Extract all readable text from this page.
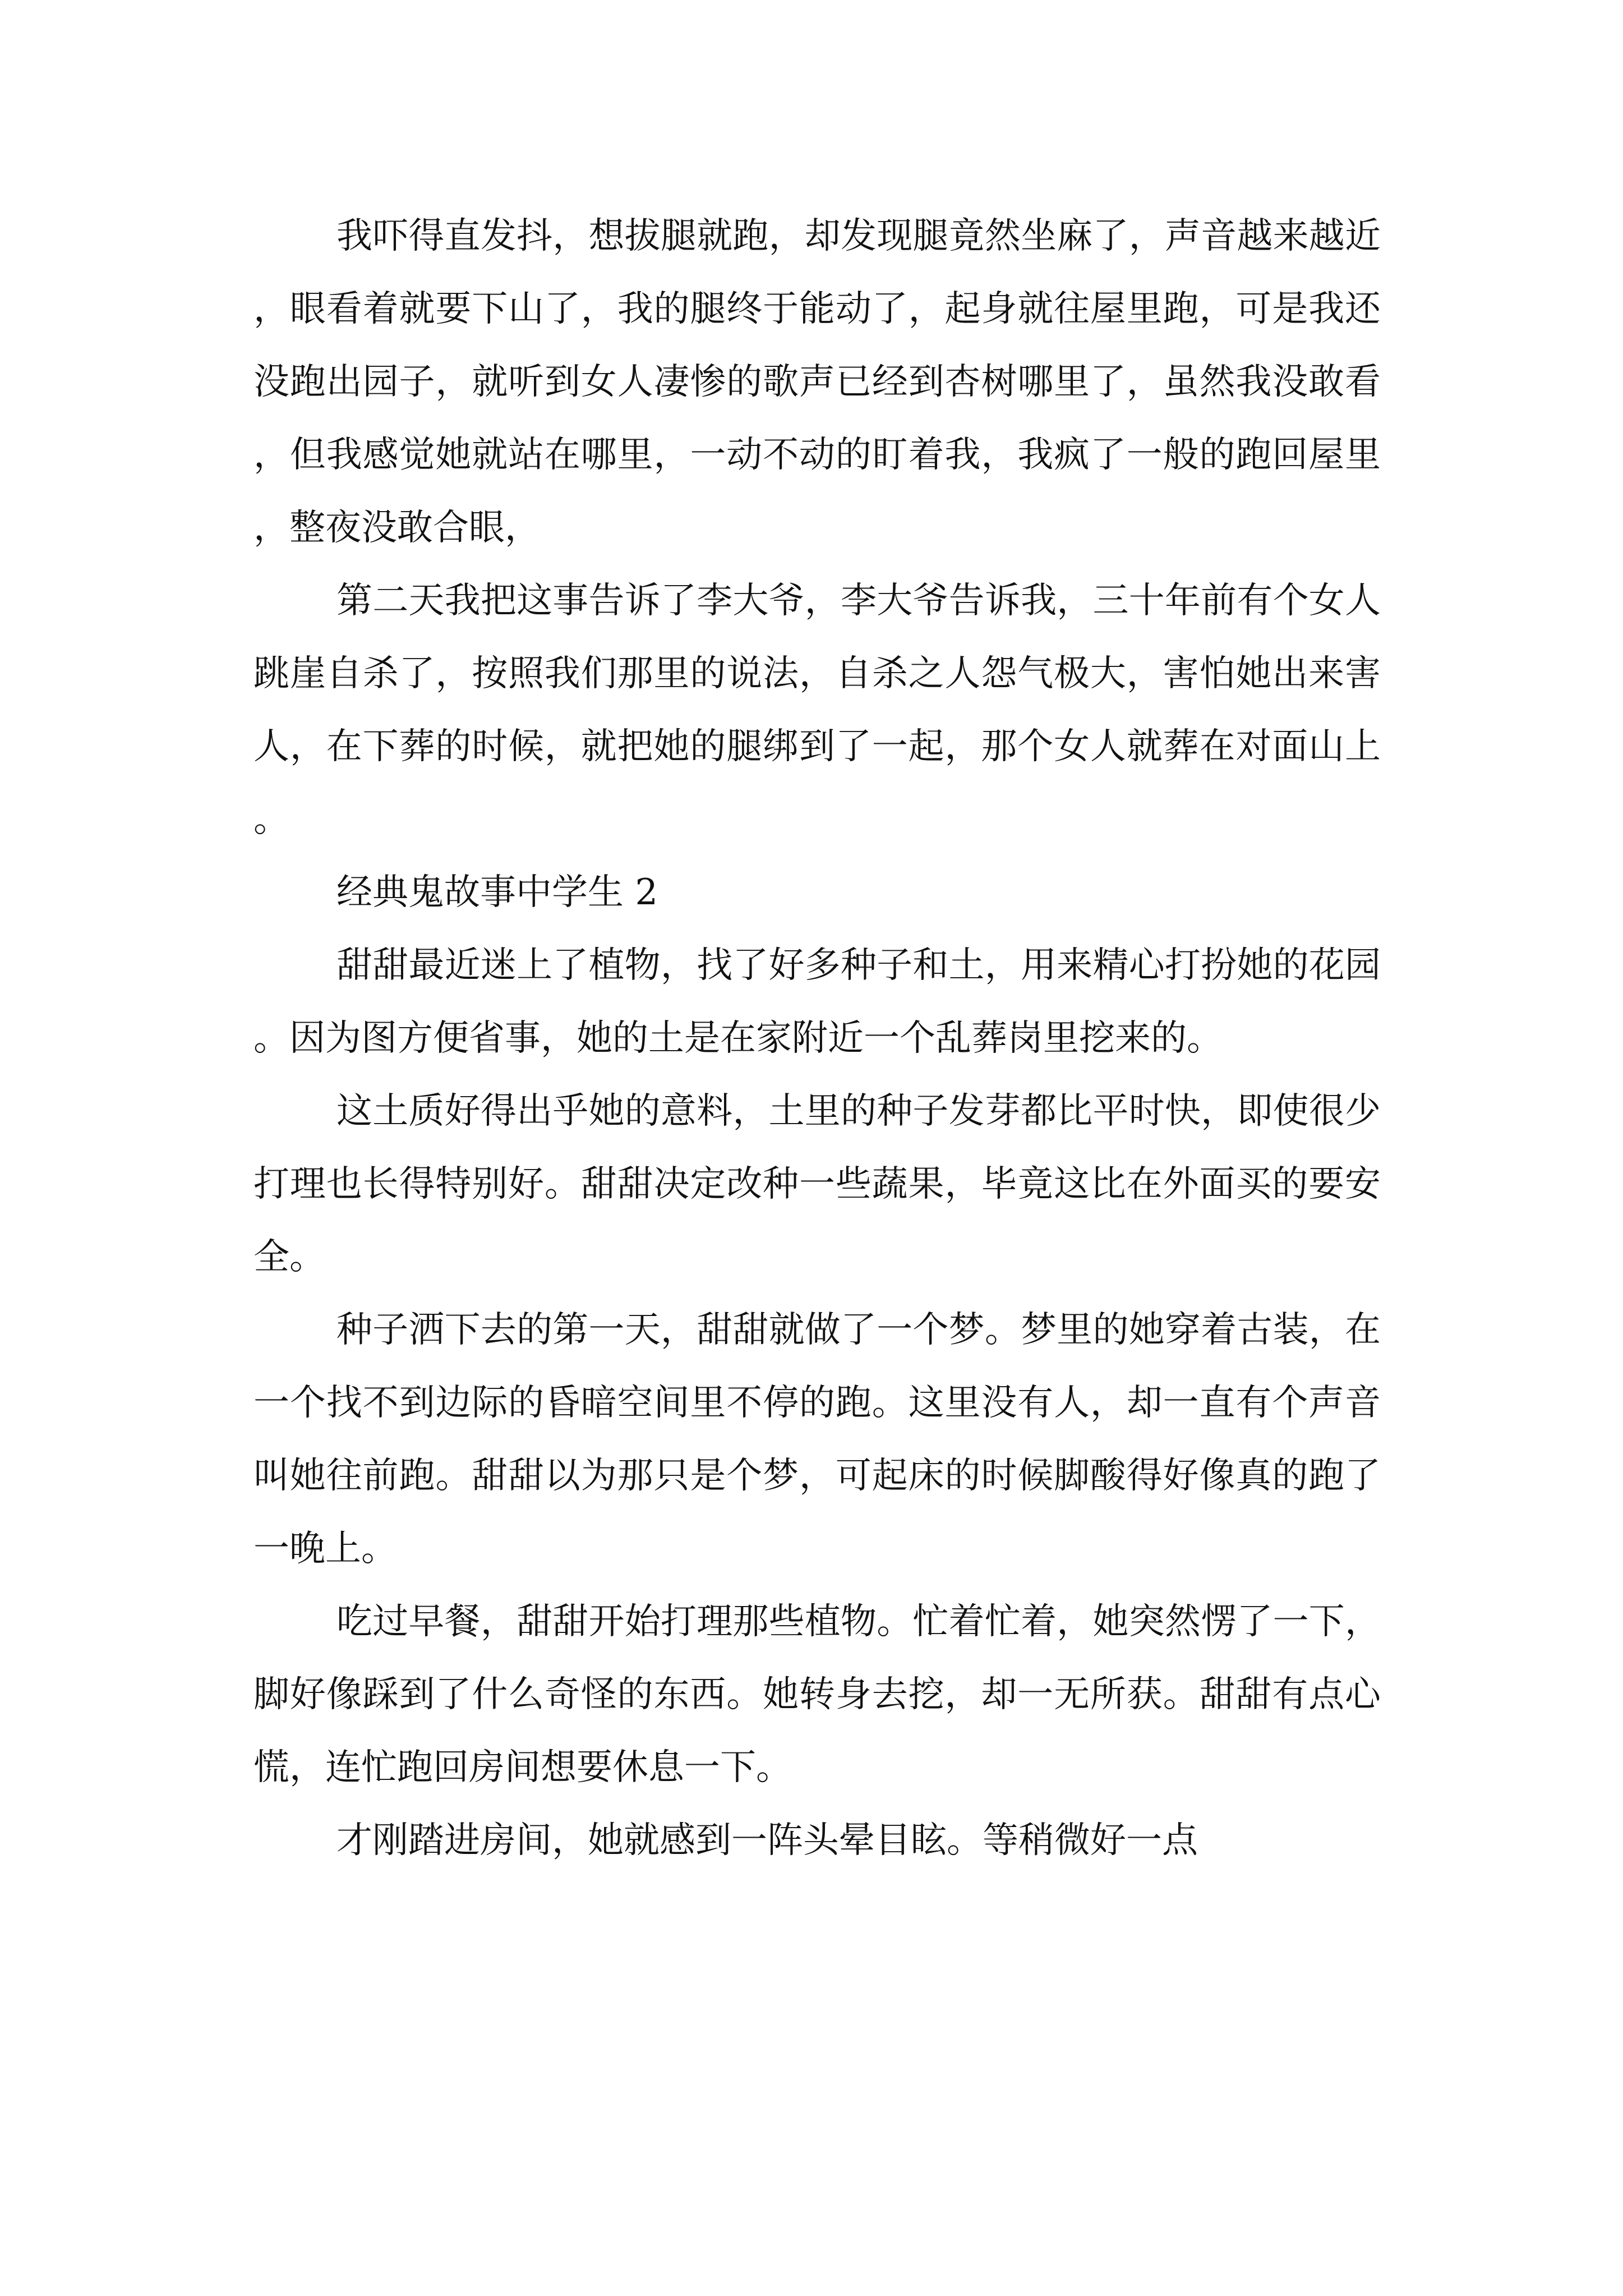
我吓得直发抖，想拔腿就跑，却发现腿竟然坐麻了，声音越来越近，眼看着就要下山了，我的腿终于能动了，起身就往屋里跑，可是我还没跑出园子，就听到女人凄惨的歌声已经到杏树哪里了，虽然我没敢看，但我感觉她就站在哪里，一动不动的盯着我，我疯了一般的跑回屋里，整夜没敢合眼，

第二天我把这事告诉了李大爷，李大爷告诉我，三十年前有个女人跳崖自杀了，按照我们那里的说法，自杀之人怨气极大，害怕她出来害人，在下葬的时候，就把她的腿绑到了一起，那个女人就葬在对面山上。

经典鬼故事中学生 2

甜甜最近迷上了植物，找了好多种子和土，用来精心打扮她的花园。因为图方便省事，她的土是在家附近一个乱葬岗里挖来的。

这土质好得出乎她的意料，土里的种子发芽都比平时快，即使很少打理也长得特别好。甜甜决定改种一些蔬果，毕竟这比在外面买的要安全。

种子洒下去的第一天，甜甜就做了一个梦。梦里的她穿着古装，在一个找不到边际的昏暗空间里不停的跑。这里没有人，却一直有个声音叫她往前跑。甜甜以为那只是个梦，可起床的时候脚酸得好像真的跑了一晚上。

吃过早餐，甜甜开始打理那些植物。忙着忙着，她突然愣了一下，脚好像踩到了什么奇怪的东西。她转身去挖，却一无所获。甜甜有点心慌，连忙跑回房间想要休息一下。

才刚踏进房间，她就感到一阵头晕目眩。等稍微好一点
